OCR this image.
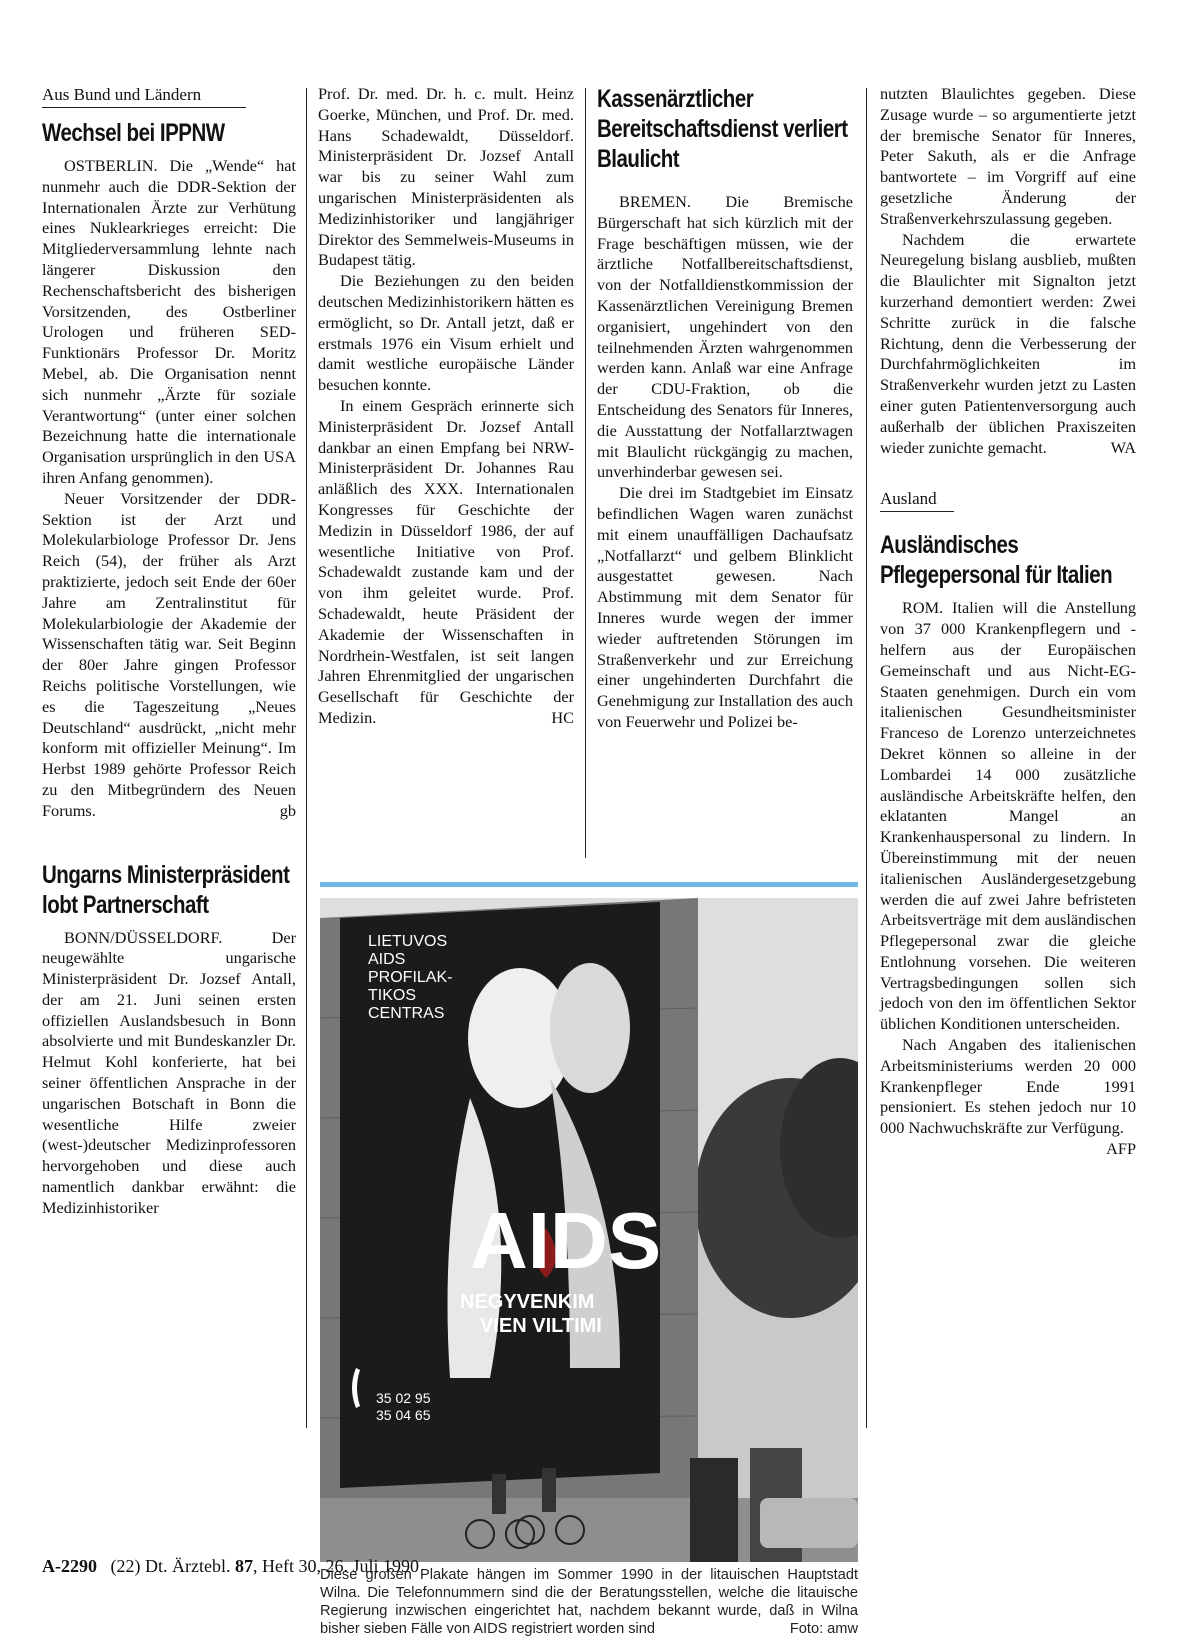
Aus Bund und Ländern
Wechsel bei IPPNW

OSTBERLIN. Die „Wende“ hat nunmehr auch die DDR-Sektion der Internationalen Ärzte zur Verhütung eines Nuklearkrieges erreicht: Die Mitgliederversammlung lehnte nach längerer Diskussion den Rechenschaftsbericht des bisherigen Vorsitzenden, des Ostberliner Urologen und früheren SED-Funktionärs Professor Dr. Moritz Mebel, ab. Die Organisation nennt sich nunmehr „Ärzte für soziale Verantwortung“ (unter einer solchen Bezeichnung hatte die internationale Organisation ursprünglich in den USA ihren Anfang genommen).

Neuer Vorsitzender der DDR-Sektion ist der Arzt und Molekularbiologe Professor Dr. Jens Reich (54), der früher als Arzt praktizierte, jedoch seit Ende der 60er Jahre am Zentralinstitut für Molekularbiologie der Akademie der Wissenschaften tätig war. Seit Beginn der 80er Jahre gingen Professor Reichs politische Vorstellungen, wie es die Tageszeitung „Neues Deutschland“ ausdrückt, „nicht mehr konform mit offizieller Meinung“. Im Herbst 1989 gehörte Professor Reich zu den Mitbegründern des Neuen Forums.	gb

Ungarns Ministerpräsident lobt Partnerschaft

BONN/DÜSSELDORF. Der neugewählte ungarische Ministerpräsident Dr. Jozsef Antall, der am 21. Juni seinen ersten offiziellen Auslandsbesuch in Bonn absolvierte und mit Bundeskanzler Dr. Helmut Kohl konferierte, hat bei seiner öffentlichen Ansprache in der ungarischen Botschaft in Bonn die wesentliche Hilfe zweier (west-)deutscher Medizinprofessoren hervorgehoben und diese auch namentlich dankbar erwähnt: die Medizinhistoriker

Prof. Dr. med. Dr. h. c. mult. Heinz Goerke, München, und Prof. Dr. med. Hans Schadewaldt, Düsseldorf. Ministerpräsident Dr. Jozsef Antall war bis zu seiner Wahl zum ungarischen Ministerpräsidenten als Medizinhistoriker und langjähriger Direktor des Semmelweis-Museums in Budapest tätig.

Die Beziehungen zu den beiden deutschen Medizinhistorikern hätten es ermöglicht, so Dr. Antall jetzt, daß er erstmals 1976 ein Visum erhielt und damit westliche europäische Länder besuchen konnte.

In einem Gespräch erinnerte sich Ministerpräsident Dr. Jozsef Antall dankbar an einen Empfang bei NRW-Ministerpräsident Dr. Johannes Rau anläßlich des XXX. Internationalen Kongresses für Geschichte der Medizin in Düsseldorf 1986, der auf wesentliche Initiative von Prof. Schadewaldt zustande kam und der von ihm geleitet wurde. Prof. Schadewaldt, heute Präsident der Akademie der Wissenschaften in Nordrhein-Westfalen, ist seit langen Jahren Ehrenmitglied der ungarischen Gesellschaft für Geschichte der Medizin.	HC

Kassenärztlicher Bereitschaftsdienst verliert Blaulicht

BREMEN. Die Bremische Bürgerschaft hat sich kürzlich mit der Frage beschäftigen müssen, wie der ärztliche Notfallbereitschaftsdienst, von der Notfalldienstkommission der Kassenärztlichen Vereinigung Bremen organisiert, ungehindert von den teilnehmenden Ärzten wahrgenommen werden kann. Anlaß war eine Anfrage der CDU-Fraktion, ob die Entscheidung des Senators für Inneres, die Ausstattung der Notfallarztwagen mit Blaulicht rückgängig zu machen, unverhinderbar gewesen sei.

Die drei im Stadtgebiet im Einsatz befindlichen Wagen waren zunächst mit einem unauffälligen Dachaufsatz „Notfallarzt“ und gelbem Blinklicht ausgestattet gewesen. Nach Abstimmung mit dem Senator für Inneres wurde wegen der immer wieder auftretenden Störungen im Straßenverkehr und zur Erreichung einer ungehinderten Durchfahrt die Genehmigung zur Installation des auch von Feuerwehr und Polizei be-

nutzten Blaulichtes gegeben. Diese Zusage wurde – so argumentierte jetzt der bremische Senator für Inneres, Peter Sakuth, als er die Anfrage bantwortete – im Vorgriff auf eine gesetzliche Änderung der Straßenverkehrszulassung gegeben.

Nachdem die erwartete Neuregelung bislang ausblieb, mußten die Blaulichter mit Signalton jetzt kurzerhand demontiert werden: Zwei Schritte zurück in die falsche Richtung, denn die Verbesserung der Durchfahrmöglichkeiten im Straßenverkehr wurden jetzt zu Lasten einer guten Patientenversorgung auch außerhalb der üblichen Praxiszeiten wieder zunichte gemacht.	WA

Ausland
Ausländisches Pflegepersonal für Italien

ROM. Italien will die Anstellung von 37 000 Krankenpflegern und -helfern aus der Europäischen Gemeinschaft und aus Nicht-EG-Staaten genehmigen. Durch ein vom italienischen Gesundheitsminister Franceso de Lorenzo unterzeichnetes Dekret können so alleine in der Lombardei 14 000 zusätzliche ausländische Arbeitskräfte helfen, den eklatanten Mangel an Krankenhauspersonal zu lindern. In Übereinstimmung mit der neuen italienischen Ausländergesetzgebung werden die auf zwei Jahre befristeten Arbeitsverträge mit dem ausländischen Pflegepersonal zwar die gleiche Entlohnung vorsehen. Die weiteren Vertragsbedingungen sollen sich jedoch von den im öffentlichen Sektor üblichen Konditionen unterscheiden.

Nach Angaben des italienischen Arbeitsministeriums werden 20 000 Krankenpfleger Ende 1991 pensioniert. Es stehen jedoch nur 10 000 Nachwuchskräfte zur Verfügung.
AFP

LIETUVOS
AIDS
PROFILAK-
TIKOS
CENTRAS
AIDS
NEGYVENKIM
VIEN VILTIMI
35 02 95
35 04 65
Diese großen Plakate hängen im Sommer 1990 in der litauischen Hauptstadt Wilna. Die Telefonnummern sind die der Beratungsstellen, welche die litauische Regierung inzwischen eingerichtet hat, nachdem bekannt wurde, daß in Wilna bisher sieben Fälle von AIDS registriert worden sind	Foto: amw
A-2290 (22) Dt. Ärztebl. 87, Heft 30, 26. Juli 1990
